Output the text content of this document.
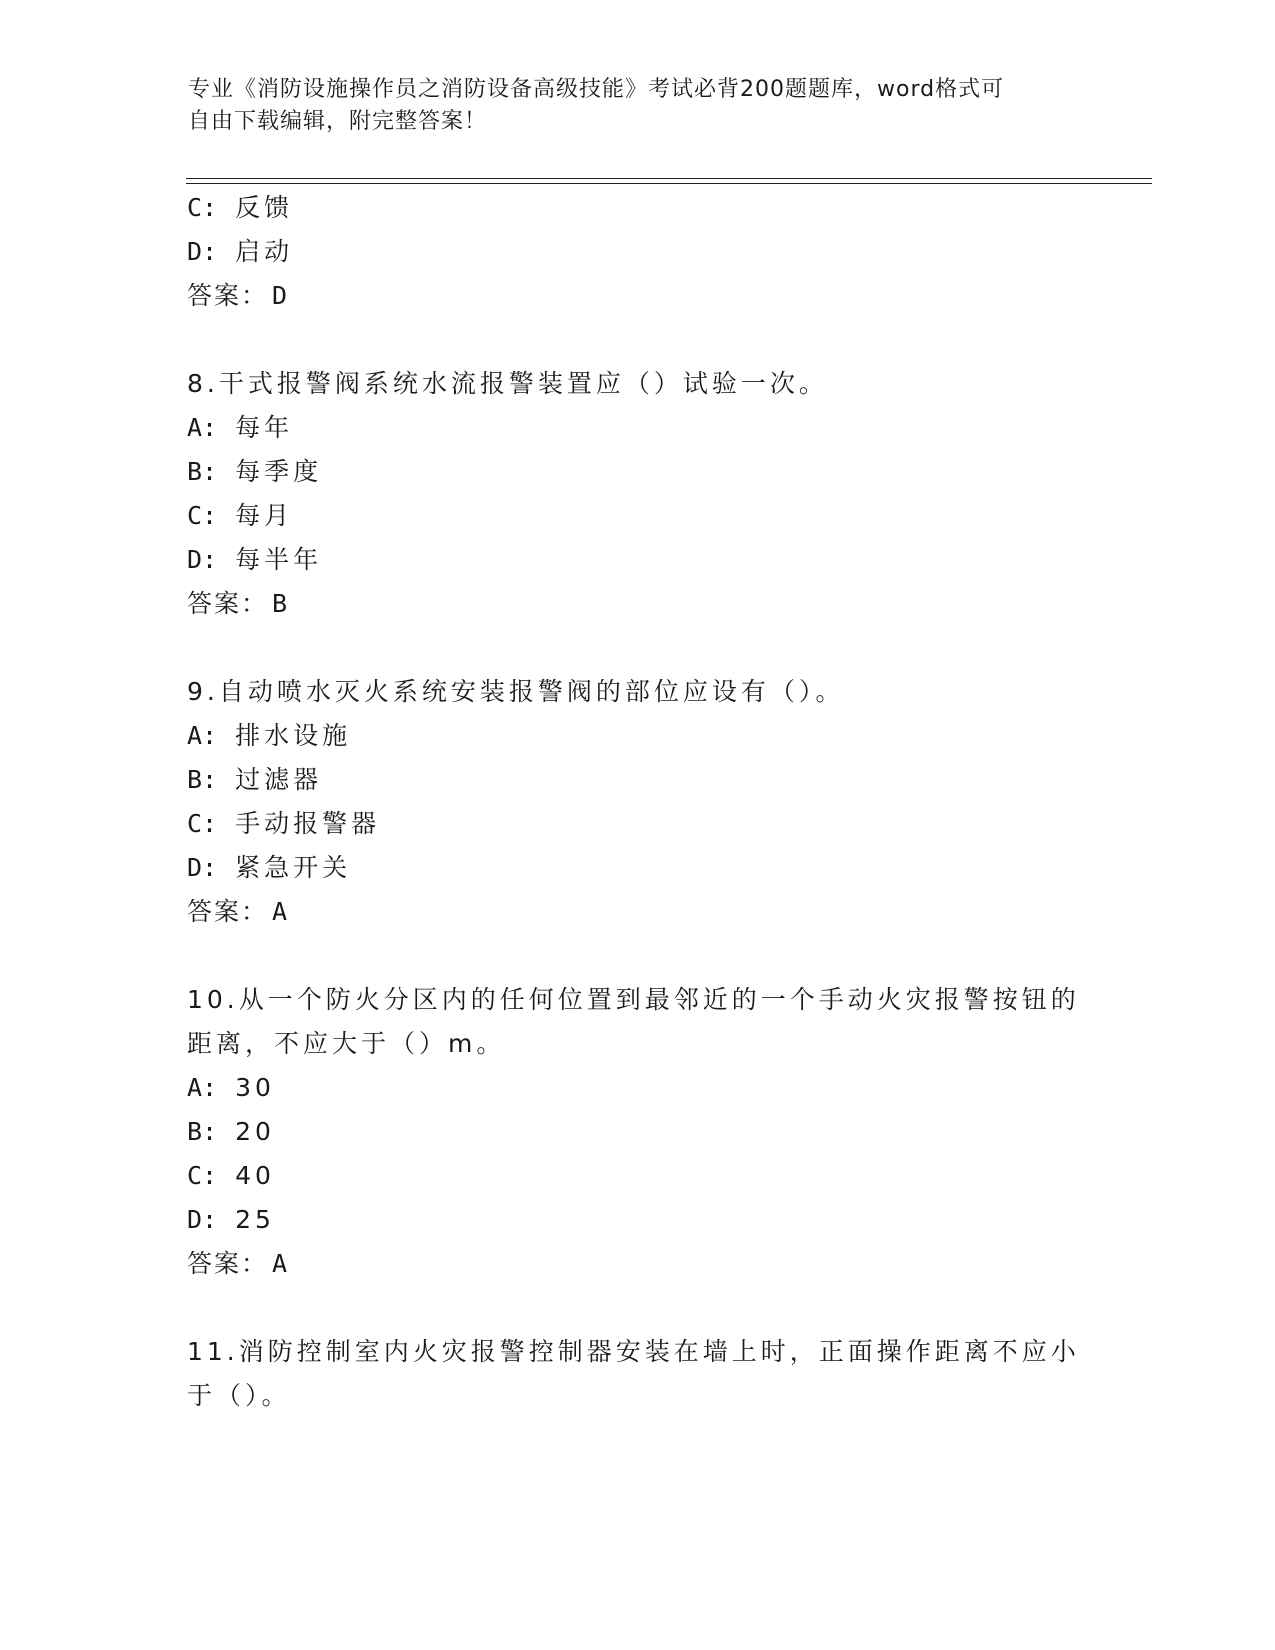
专业《消防设施操作员之消防设备高级技能》考试必背200题题库，word格式可
自由下载编辑，附完整答案！
C: 反馈
D: 启动
答案： D
8.干式报警阀系统水流报警装置应（）试验一次。
A: 每年
B: 每季度
C: 每月
D: 每半年
答案： B
9.自动喷水灭火系统安装报警阀的部位应设有（）。
A: 排水设施
B: 过滤器
C: 手动报警器
D: 紧急开关
答案： A
10.从一个防火分区内的任何位置到最邻近的一个手动火灾报警按钮的
距离，不应大于（）m。
A: 30
B: 20
C: 40
D: 25
答案： A
11.消防控制室内火灾报警控制器安装在墙上时，正面操作距离不应小
于（）。
